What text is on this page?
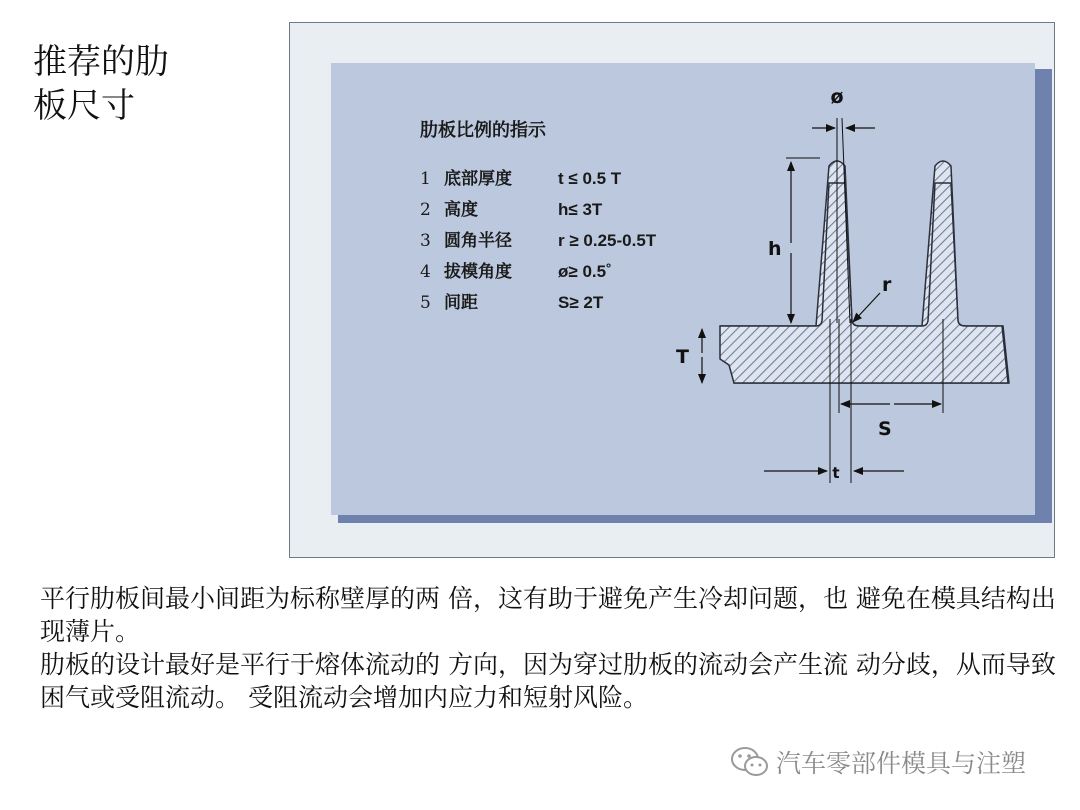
推荐的肋
板尺寸
肋板比例的指示
1 底部厚度	t ≤ 0.5 T
2 高度	h≤ 3T
3 圆角半径	r ≥ 0.25-0.5T
4 拔模角度	ø≥ 0.5˚
5 间距	S≥ 2T
ø
h
r
T
S
t

平行肋板间最小间距为标称壁厚的两 倍，这有助于避免产生冷却问题，也 避免在模具结构出现薄片。

肋板的设计最好是平行于熔体流动的 方向，因为穿过肋板的流动会产生流 动分歧，从而导致困气或受阻流动。 受阻流动会增加内应力和短射风险。

汽车零部件模具与注塑
